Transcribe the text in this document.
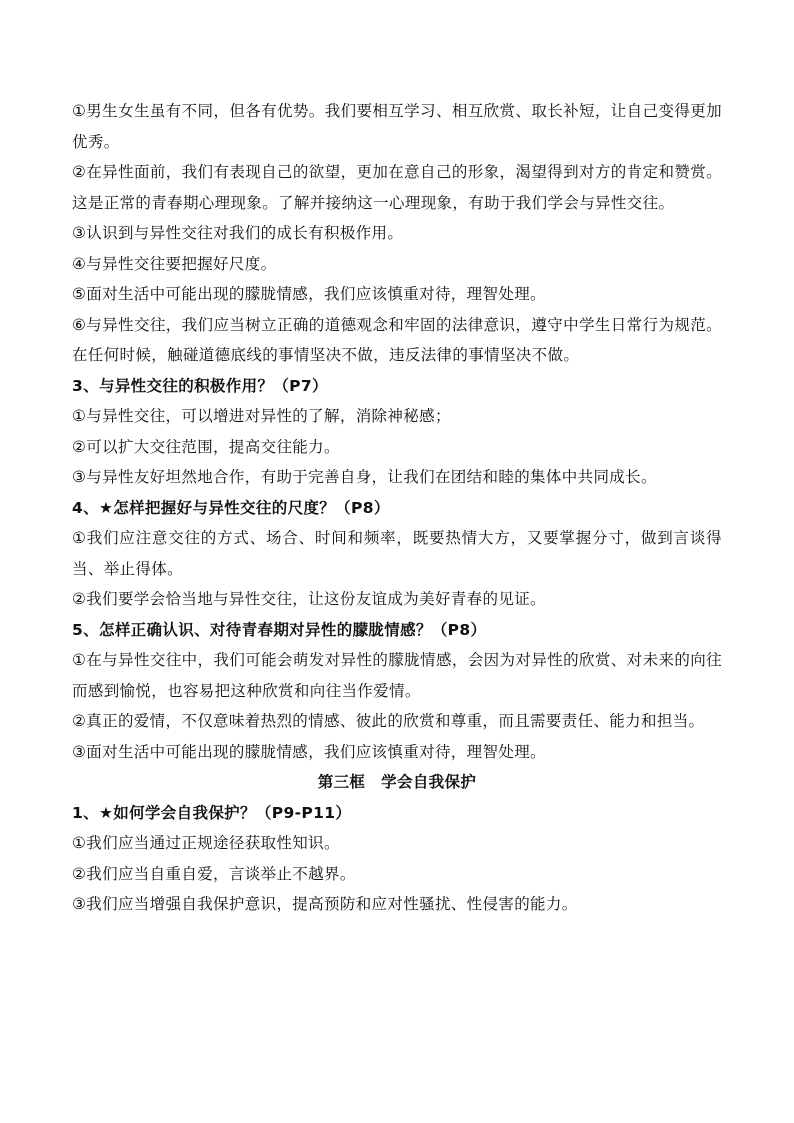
①男生女生虽有不同，但各有优势。我们要相互学习、相互欣赏、取长补短，让自己变得更加优秀。
②在异性面前，我们有表现自己的欲望，更加在意自己的形象，渴望得到对方的肯定和赞赏。这是正常的青春期心理现象。了解并接纳这一心理现象，有助于我们学会与异性交往。
③认识到与异性交往对我们的成长有积极作用。
④与异性交往要把握好尺度。
⑤面对生活中可能出现的朦胧情感，我们应该慎重对待，理智处理。
⑥与异性交往，我们应当树立正确的道德观念和牢固的法律意识，遵守中学生日常行为规范。在任何时候，触碰道德底线的事情坚决不做，违反法律的事情坚决不做。
3、与异性交往的积极作用？（P7）
①与异性交往，可以增进对异性的了解，消除神秘感；
②可以扩大交往范围，提高交往能力。
③与异性友好坦然地合作，有助于完善自身，让我们在团结和睦的集体中共同成长。
4、★怎样把握好与异性交往的尺度？（P8）
①我们应注意交往的方式、场合、时间和频率，既要热情大方，又要掌握分寸，做到言谈得当、举止得体。
②我们要学会恰当地与异性交往，让这份友谊成为美好青春的见证。
5、怎样正确认识、对待青春期对异性的朦胧情感？（P8）
①在与异性交往中，我们可能会萌发对异性的朦胧情感，会因为对异性的欣赏、对未来的向往而感到愉悦，也容易把这种欣赏和向往当作爱情。
②真正的爱情，不仅意味着热烈的情感、彼此的欣赏和尊重，而且需要责任、能力和担当。
③面对生活中可能出现的朦胧情感，我们应该慎重对待，理智处理。
第三框　学会自我保护
1、★如何学会自我保护？（P9-P11）
①我们应当通过正规途径获取性知识。
②我们应当自重自爱，言谈举止不越界。
③我们应当增强自我保护意识，提高预防和应对性骚扰、性侵害的能力。
